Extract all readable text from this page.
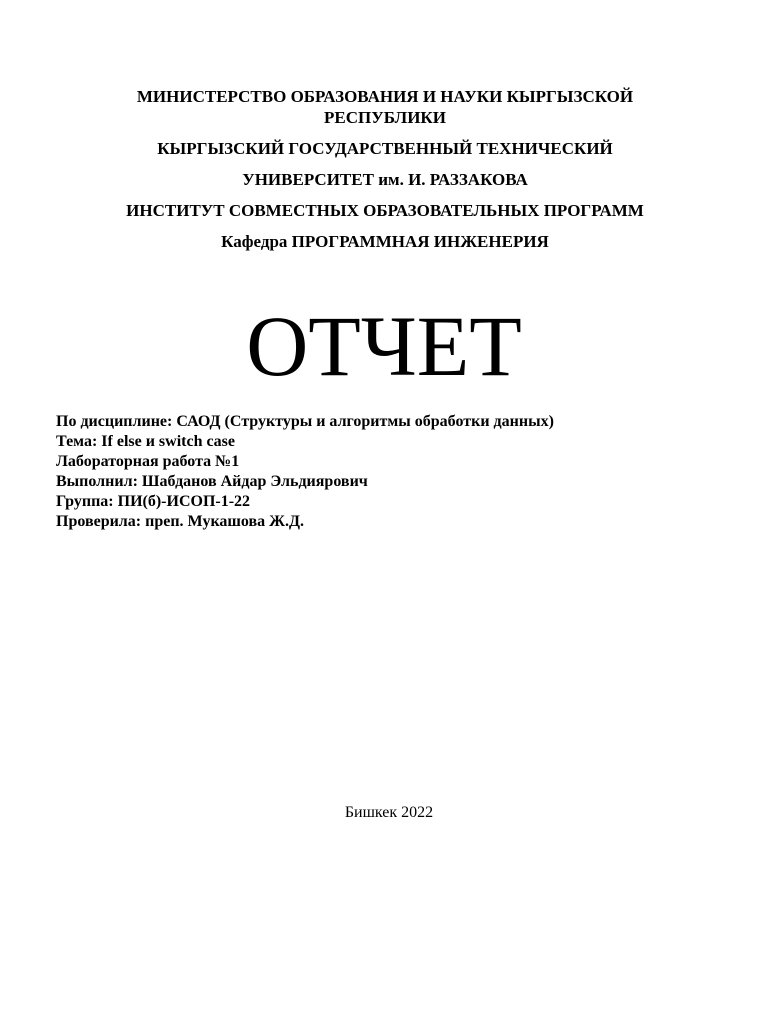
МИНИСТЕРСТВО ОБРАЗОВАНИЯ И НАУКИ КЫРГЫЗСКОЙ
РЕСПУБЛИКИ
КЫРГЫЗСКИЙ ГОСУДАРСТВЕННЫЙ ТЕХНИЧЕСКИЙ
УНИВЕРСИТЕТ им. И. РАЗЗАКОВА
ИНСТИТУТ СОВМЕСТНЫХ ОБРАЗОВАТЕЛЬНЫХ ПРОГРАММ
Кафедра ПРОГРАММНАЯ ИНЖЕНЕРИЯ
ОТЧЕТ
По дисциплине: САОД (Структуры и алгоритмы обработки данных)
Тема: If else и switch case
Лабораторная работа №1
Выполнил: Шабданов Айдар Эльдиярович
Группа: ПИ(б)-ИСОП-1-22
Проверила: преп. Мукашова Ж.Д.
Бишкек 2022
